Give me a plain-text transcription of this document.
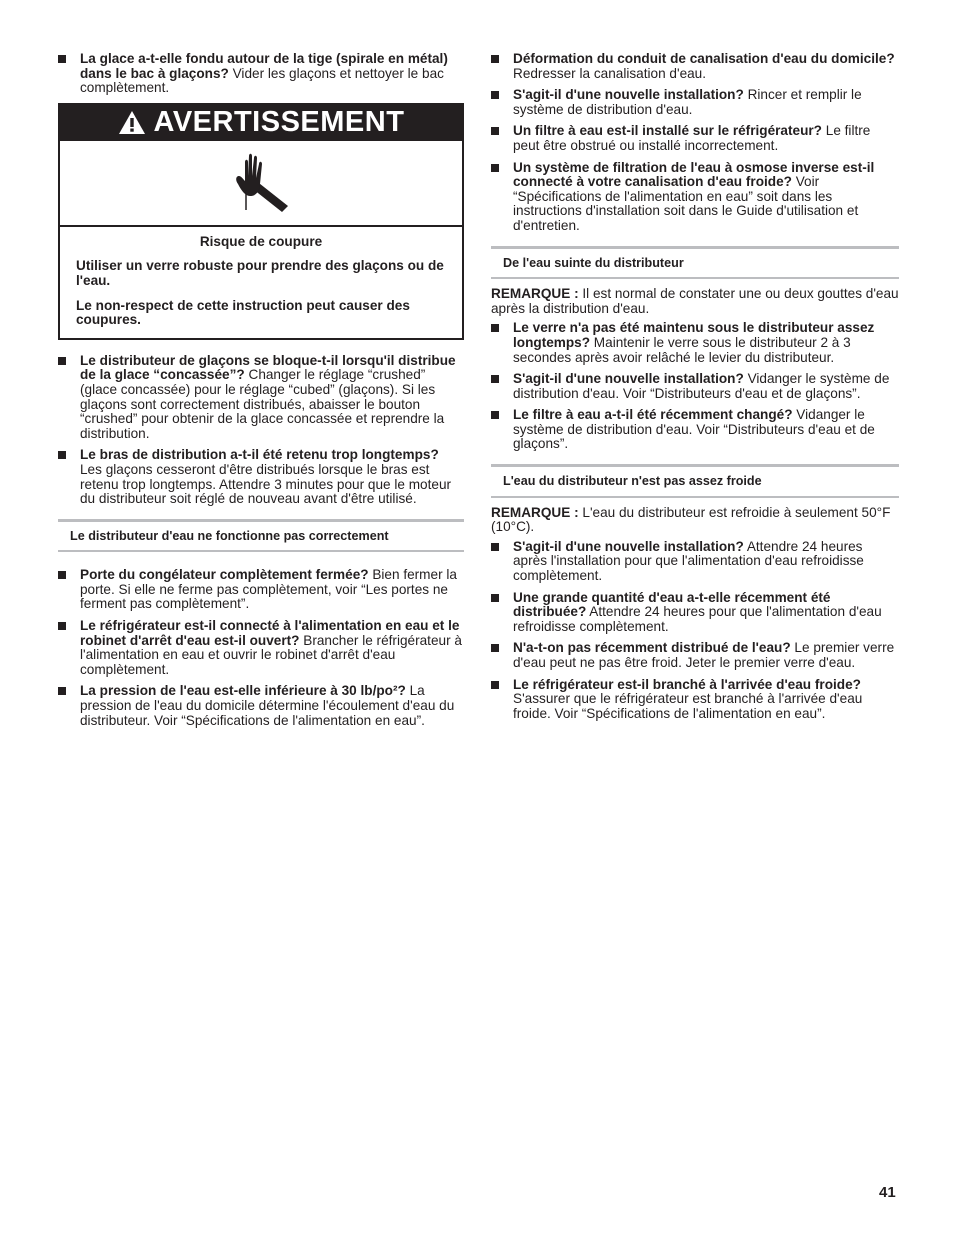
La glace a-t-elle fondu autour de la tige (spirale en métal) dans le bac à glaçons? Vider les glaçons et nettoyer le bac complètement.
AVERTISSEMENT
Risque de coupure

Utiliser un verre robuste pour prendre des glaçons ou de l'eau.

Le non-respect de cette instruction peut causer des coupures.

Le distributeur de glaçons se bloque-t-il lorsqu'il distribue de la glace “concassée”? Changer le réglage “crushed” (glace concassée) pour le réglage “cubed” (glaçons). Si les glaçons sont correctement distribués, abaisser le bouton “crushed” pour obtenir de la glace concassée et reprendre la distribution.
Le bras de distribution a-t-il été retenu trop longtemps? Les glaçons cesseront d'être distribués lorsque le bras est retenu trop longtemps. Attendre 3 minutes pour que le moteur du distributeur soit réglé de nouveau avant d'être utilisé.
Le distributeur d'eau ne fonctionne pas correctement
Porte du congélateur complètement fermée? Bien fermer la porte. Si elle ne ferme pas complètement, voir “Les portes ne ferment pas complètement”.
Le réfrigérateur est-il connecté à l'alimentation en eau et le robinet d'arrêt d'eau est-il ouvert? Brancher le réfrigérateur à l'alimentation en eau et ouvrir le robinet d'arrêt d'eau complètement.
La pression de l'eau est-elle inférieure à 30 lb/po²? La pression de l'eau du domicile détermine l'écoulement d'eau du distributeur. Voir “Spécifications de l'alimentation en eau”.
Déformation du conduit de canalisation d'eau du domicile? Redresser la canalisation d'eau.
S'agit-il d'une nouvelle installation? Rincer et remplir le système de distribution d'eau.
Un filtre à eau est-il installé sur le réfrigérateur? Le filtre peut être obstrué ou installé incorrectement.
Un système de filtration de l'eau à osmose inverse est-il connecté à votre canalisation d'eau froide? Voir “Spécifications de l'alimentation en eau” soit dans les instructions d'installation soit dans le Guide d'utilisation et d'entretien.
De l'eau suinte du distributeur
REMARQUE : Il est normal de constater une ou deux gouttes d'eau après la distribution d'eau.
Le verre n'a pas été maintenu sous le distributeur assez longtemps? Maintenir le verre sous le distributeur 2 à 3 secondes après avoir relâché le levier du distributeur.
S'agit-il d'une nouvelle installation? Vidanger le système de distribution d'eau. Voir “Distributeurs d'eau et de glaçons”.
Le filtre à eau a-t-il été récemment changé? Vidanger le système de distribution d'eau. Voir “Distributeurs d'eau et de glaçons”.
L'eau du distributeur n'est pas assez froide
REMARQUE : L'eau du distributeur est refroidie à seulement 50°F (10°C).
S'agit-il d'une nouvelle installation? Attendre 24 heures après l'installation pour que l'alimentation d'eau refroidisse complètement.
Une grande quantité d'eau a-t-elle récemment été distribuée? Attendre 24 heures pour que l'alimentation d'eau refroidisse complètement.
N'a-t-on pas récemment distribué de l'eau? Le premier verre d'eau peut ne pas être froid. Jeter le premier verre d'eau.
Le réfrigérateur est-il branché à l'arrivée d'eau froide? S'assurer que le réfrigérateur est branché à l'arrivée d'eau froide. Voir “Spécifications de l'alimentation en eau”.
41
